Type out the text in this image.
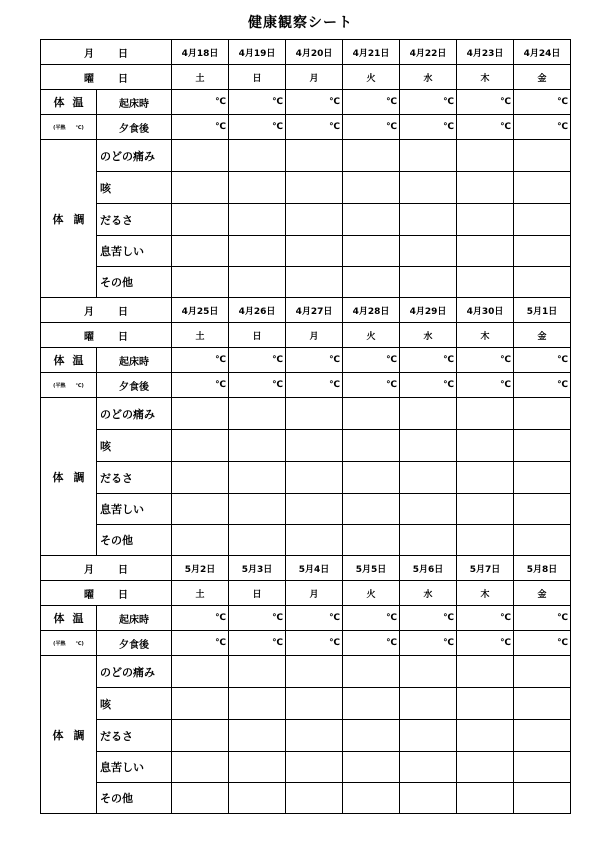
健康観察シート
月 日		4月18日	4月19日	4月20日	4月21日	4月22日	4月23日	4月24日
曜 日		土	日	月	火	水	木	金
体 温	起床時	℃	℃	℃	℃	℃	℃	℃
(平熱 ℃)	夕食後	℃	℃	℃	℃	℃	℃	℃
体 調	のどの痛み							
	咳							
	だるさ							
	息苦しい							
	その他							
月 日		4月25日	4月26日	4月27日	4月28日	4月29日	4月30日	5月1日
曜 日		土	日	月	火	水	木	金
体 温	起床時	℃	℃	℃	℃	℃	℃	℃
(平熱 ℃)	夕食後	℃	℃	℃	℃	℃	℃	℃
体 調	のどの痛み							
	咳							
	だるさ							
	息苦しい							
	その他							
月 日		5月2日	5月3日	5月4日	5月5日	5月6日	5月7日	5月8日
曜 日		土	日	月	火	水	木	金
体 温	起床時	℃	℃	℃	℃	℃	℃	℃
(平熱 ℃)	夕食後	℃	℃	℃	℃	℃	℃	℃
体 調	のどの痛み							
	咳							
	だるさ							
	息苦しい							
	その他							
